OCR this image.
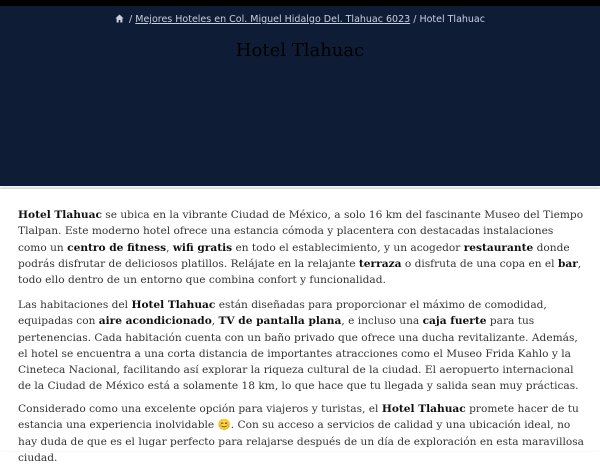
/ Mejores Hoteles en Col. Miguel Hidalgo Del. Tlahuac 6023 / Hotel Tlahuac
Hotel Tlahuac

Hotel Tlahuac se ubica en la vibrante Ciudad de México, a solo 16 km del fascinante Museo del Tiempo Tlalpan. Este moderno hotel ofrece una estancia cómoda y placentera con destacadas instalaciones como un centro de fitness, wifi gratis en todo el establecimiento, y un acogedor restaurante donde podrás disfrutar de deliciosos platillos. Relájate en la relajante terraza o disfruta de una copa en el bar, todo ello dentro de un entorno que combina confort y funcionalidad.

Las habitaciones del Hotel Tlahuac están diseñadas para proporcionar el máximo de comodidad, equipadas con aire acondicionado, TV de pantalla plana, e incluso una caja fuerte para tus pertenencias. Cada habitación cuenta con un baño privado que ofrece una ducha revitalizante. Además, el hotel se encuentra a una corta distancia de importantes atracciones como el Museo Frida Kahlo y la Cineteca Nacional, facilitando así explorar la riqueza cultural de la ciudad. El aeropuerto internacional de la Ciudad de México está a solamente 18 km, lo que hace que tu llegada y salida sean muy prácticas.

Considerado como una excelente opción para viajeros y turistas, el Hotel Tlahuac promete hacer de tu estancia una experiencia inolvidable 😊. Con su acceso a servicios de calidad y una ubicación ideal, no hay duda de que es el lugar perfecto para relajarse después de un día de exploración en esta maravillosa ciudad.
